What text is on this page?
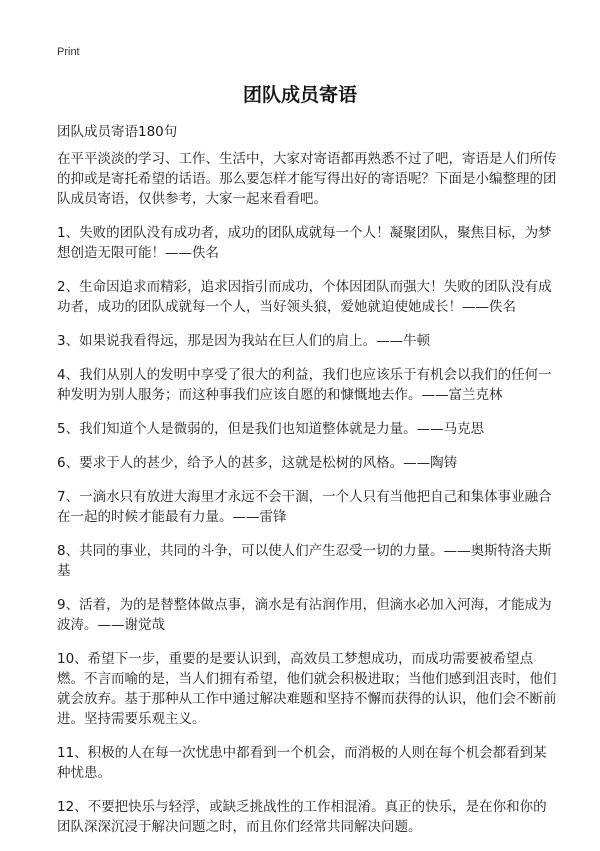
Print
团队成员寄语
团队成员寄语180句

在平平淡淡的学习、工作、生活中，大家对寄语都再熟悉不过了吧，寄语是人们所传的抑或是寄托希望的话语。那么要怎样才能写得出好的寄语呢？下面是小编整理的团队成员寄语，仅供参考，大家一起来看看吧。

1、失败的团队没有成功者，成功的团队成就每一个人！凝聚团队，聚焦目标，为梦想创造无限可能！——佚名

2、生命因追求而精彩，追求因指引而成功，个体因团队而强大！失败的团队没有成功者，成功的团队成就每一个人，当好领头狼，爱她就迫使她成长！——佚名

3、如果说我看得远，那是因为我站在巨人们的肩上。——牛顿

4、我们从别人的发明中享受了很大的利益，我们也应该乐于有机会以我们的任何一种发明为别人服务；而这种事我们应该自愿的和慷慨地去作。——富兰克林

5、我们知道个人是微弱的，但是我们也知道整体就是力量。——马克思

6、要求于人的甚少，给予人的甚多，这就是松树的风格。——陶铸

7、一滴水只有放进大海里才永远不会干涸，一个人只有当他把自己和集体事业融合在一起的时候才能最有力量。——雷锋

8、共同的事业，共同的斗争，可以使人们产生忍受一切的力量。——奥斯特洛夫斯基

9、活着，为的是替整体做点事，滴水是有沾润作用，但滴水必加入河海，才能成为波涛。——谢觉哉

10、希望下一步，重要的是要认识到，高效员工梦想成功，而成功需要被希望点燃。不言而喻的是，当人们拥有希望，他们就会积极进取；当他们感到沮丧时，他们就会放弃。基于那种从工作中通过解决难题和坚持不懈而获得的认识，他们会不断前进。坚持需要乐观主义。

11、积极的人在每一次忧患中都看到一个机会，而消极的人则在每个机会都看到某种忧患。

12、不要把快乐与轻浮，或缺乏挑战性的工作相混淆。真正的快乐，是在你和你的团队深深沉浸于解决问题之时，而且你们经常共同解决问题。
